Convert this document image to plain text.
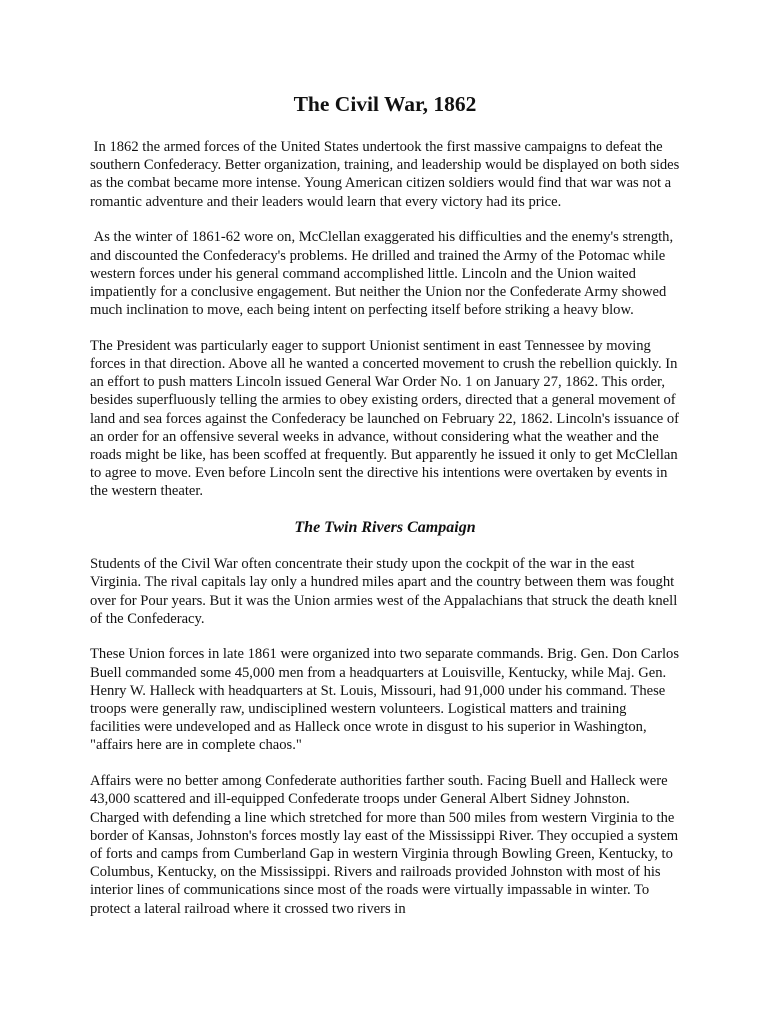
The Civil War, 1862

In 1862 the armed forces of the United States undertook the first massive campaigns to defeat the southern Confederacy. Better organization, training, and leadership would be displayed on both sides as the combat became more intense. Young American citizen soldiers would find that war was not a romantic adventure and their leaders would learn that every victory had its price.

As the winter of 1861-62 wore on, McClellan exaggerated his difficulties and the enemy's strength, and discounted the Confederacy's problems. He drilled and trained the Army of the Potomac while western forces under his general command accomplished little. Lincoln and the Union waited impatiently for a conclusive engagement. But neither the Union nor the Confederate Army showed much inclination to move, each being intent on perfecting itself before striking a heavy blow.

The President was particularly eager to support Unionist sentiment in east Tennessee by moving forces in that direction. Above all he wanted a concerted movement to crush the rebellion quickly. In an effort to push matters Lincoln issued General War Order No. 1 on January 27, 1862. This order, besides superfluously telling the armies to obey existing orders, directed that a general movement of land and sea forces against the Confederacy be launched on February 22, 1862. Lincoln's issuance of an order for an offensive several weeks in advance, without considering what the weather and the roads might be like, has been scoffed at frequently. But apparently he issued it only to get McClellan to agree to move. Even before Lincoln sent the directive his intentions were overtaken by events in the western theater.

The Twin Rivers Campaign

Students of the Civil War often concentrate their study upon the cockpit of the war in the east Virginia. The rival capitals lay only a hundred miles apart and the country between them was fought over for Pour years. But it was the Union armies west of the Appalachians that struck the death knell of the Confederacy.

These Union forces in late 1861 were organized into two separate commands. Brig. Gen. Don Carlos Buell commanded some 45,000 men from a headquarters at Louisville, Kentucky, while Maj. Gen. Henry W. Halleck with headquarters at St. Louis, Missouri, had 91,000 under his command. These troops were generally raw, undisciplined western volunteers. Logistical matters and training facilities were undeveloped and as Halleck once wrote in disgust to his superior in Washington, "affairs here are in complete chaos."

Affairs were no better among Confederate authorities farther south. Facing Buell and Halleck were 43,000 scattered and ill-equipped Confederate troops under General Albert Sidney Johnston. Charged with defending a line which stretched for more than 500 miles from western Virginia to the border of Kansas, Johnston's forces mostly lay east of the Mississippi River. They occupied a system of forts and camps from Cumberland Gap in western Virginia through Bowling Green, Kentucky, to Columbus, Kentucky, on the Mississippi. Rivers and railroads provided Johnston with most of his interior lines of communications since most of the roads were virtually impassable in winter. To protect a lateral railroad where it crossed two rivers in
